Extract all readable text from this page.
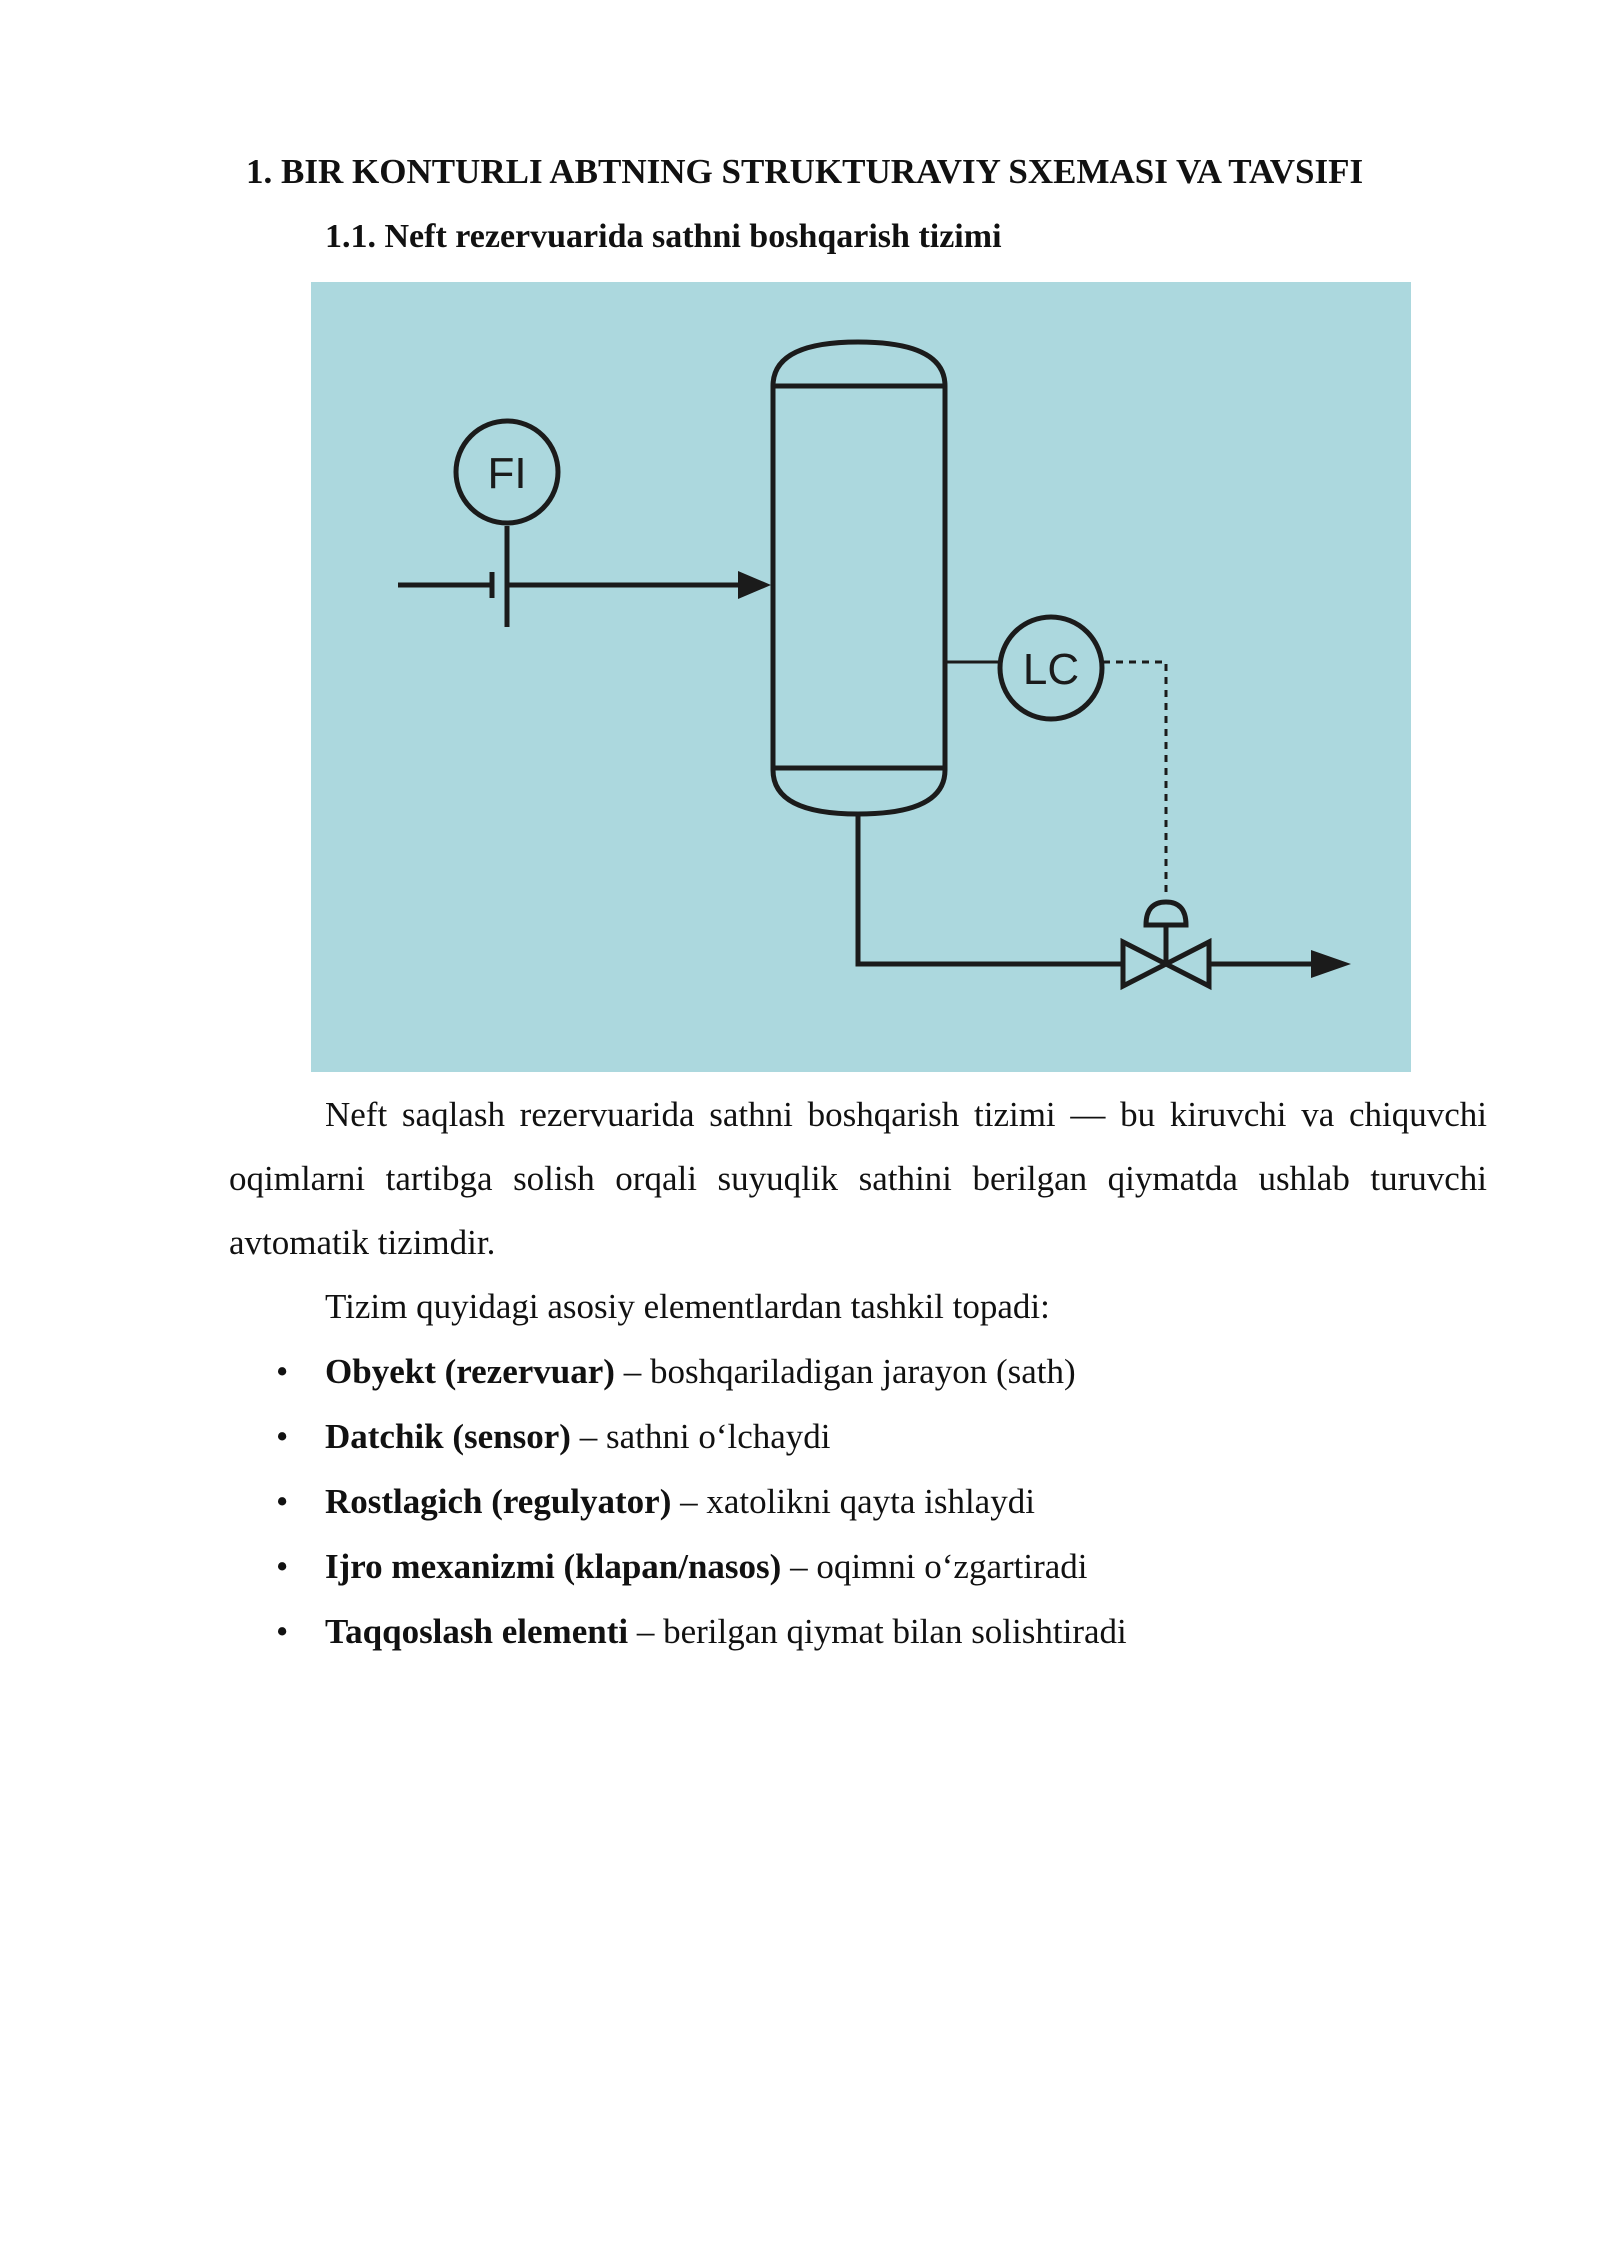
1. BIR KONTURLI ABTNING STRUKTURAVIY SXEMASI VA TAVSIFI
1.1. Neft rezervuarida sathni boshqarish tizimi
FI
LC
Neft saqlash rezervuarida sathni boshqarish tizimi — bu kiruvchi va chiquvchi oqimlarni tartibga solish orqali suyuqlik sathini berilgan qiymatda ushlab turuvchi avtomatik tizimdir.
Tizim quyidagi asosiy elementlardan tashkil topadi:
•	Obyekt (rezervuar) – boshqariladigan jarayon (sath)
•	Datchik (sensor) – sathni o‘lchaydi
•	Rostlagich (regulyator) – xatolikni qayta ishlaydi
•	Ijro mexanizmi (klapan/nasos) – oqimni o‘zgartiradi
•	Taqqoslash elementi – berilgan qiymat bilan solishtiradi
